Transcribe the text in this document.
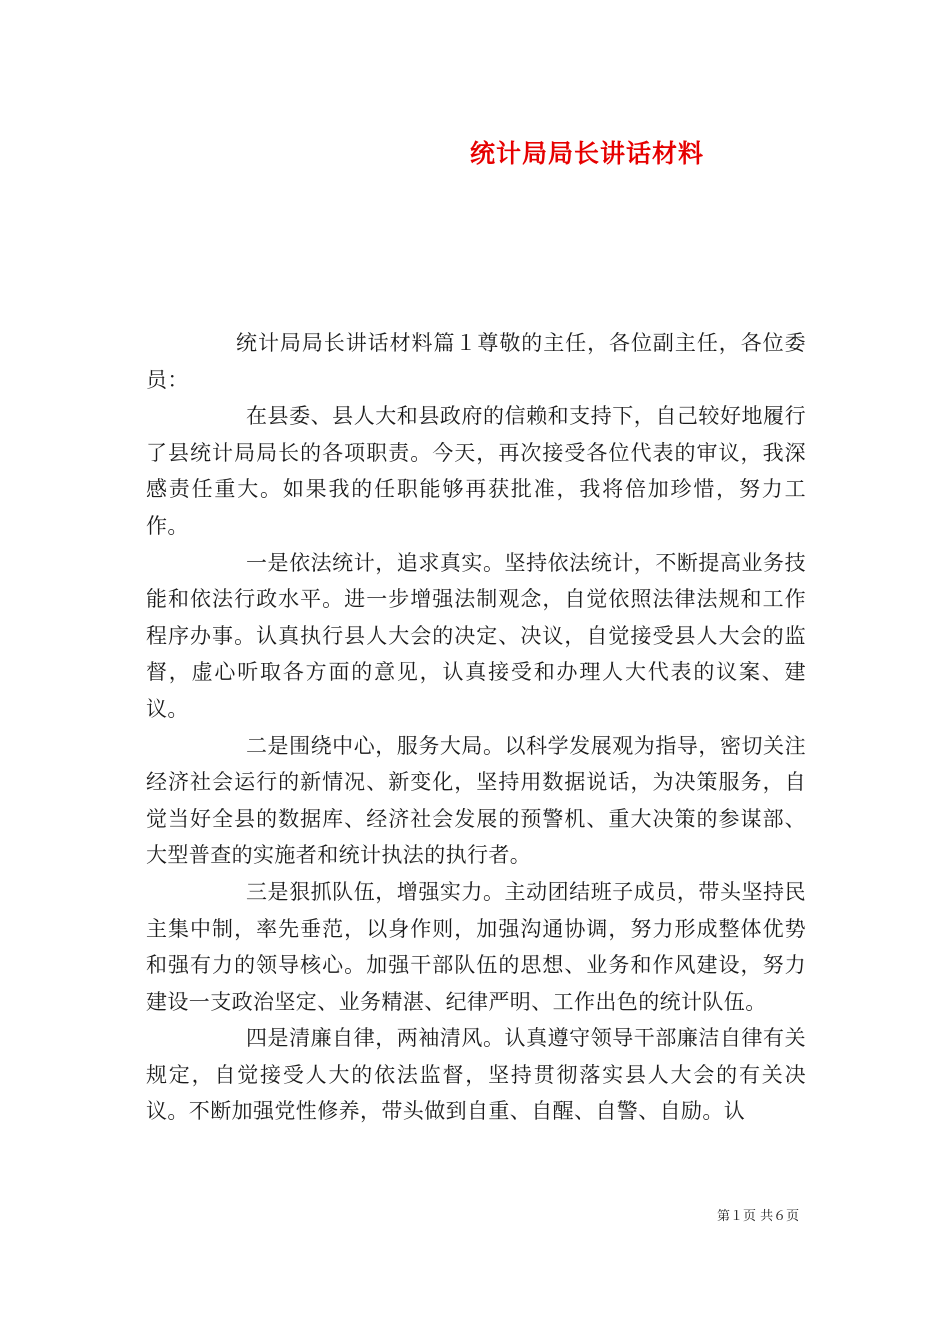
统计局局长讲话材料

统计局局长讲话材料篇１尊敬的主任，各位副主任，各位委员：

在县委、县人大和县政府的信赖和支持下，自己较好地履行了县统计局局长的各项职责。今天，再次接受各位代表的审议，我深感责任重大。如果我的任职能够再获批准，我将倍加珍惜，努力工作。

一是依法统计，追求真实。坚持依法统计，不断提高业务技能和依法行政水平。进一步增强法制观念，自觉依照法律法规和工作程序办事。认真执行县人大会的决定、决议，自觉接受县人大会的监督，虚心听取各方面的意见，认真接受和办理人大代表的议案、建议。

二是围绕中心，服务大局。以科学发展观为指导，密切关注经济社会运行的新情况、新变化，坚持用数据说话，为决策服务，自觉当好全县的数据库、经济社会发展的预警机、重大决策的参谋部、大型普查的实施者和统计执法的执行者。

三是狠抓队伍，增强实力。主动团结班子成员，带头坚持民主集中制，率先垂范，以身作则，加强沟通协调，努力形成整体优势和强有力的领导核心。加强干部队伍的思想、业务和作风建设，努力建设一支政治坚定、业务精湛、纪律严明、工作出色的统计队伍。

四是清廉自律，两袖清风。认真遵守领导干部廉洁自律有关规定，自觉接受人大的依法监督，坚持贯彻落实县人大会的有关决议。不断加强党性修养，带头做到自重、自醒、自警、自励。认

第１页 共６页
